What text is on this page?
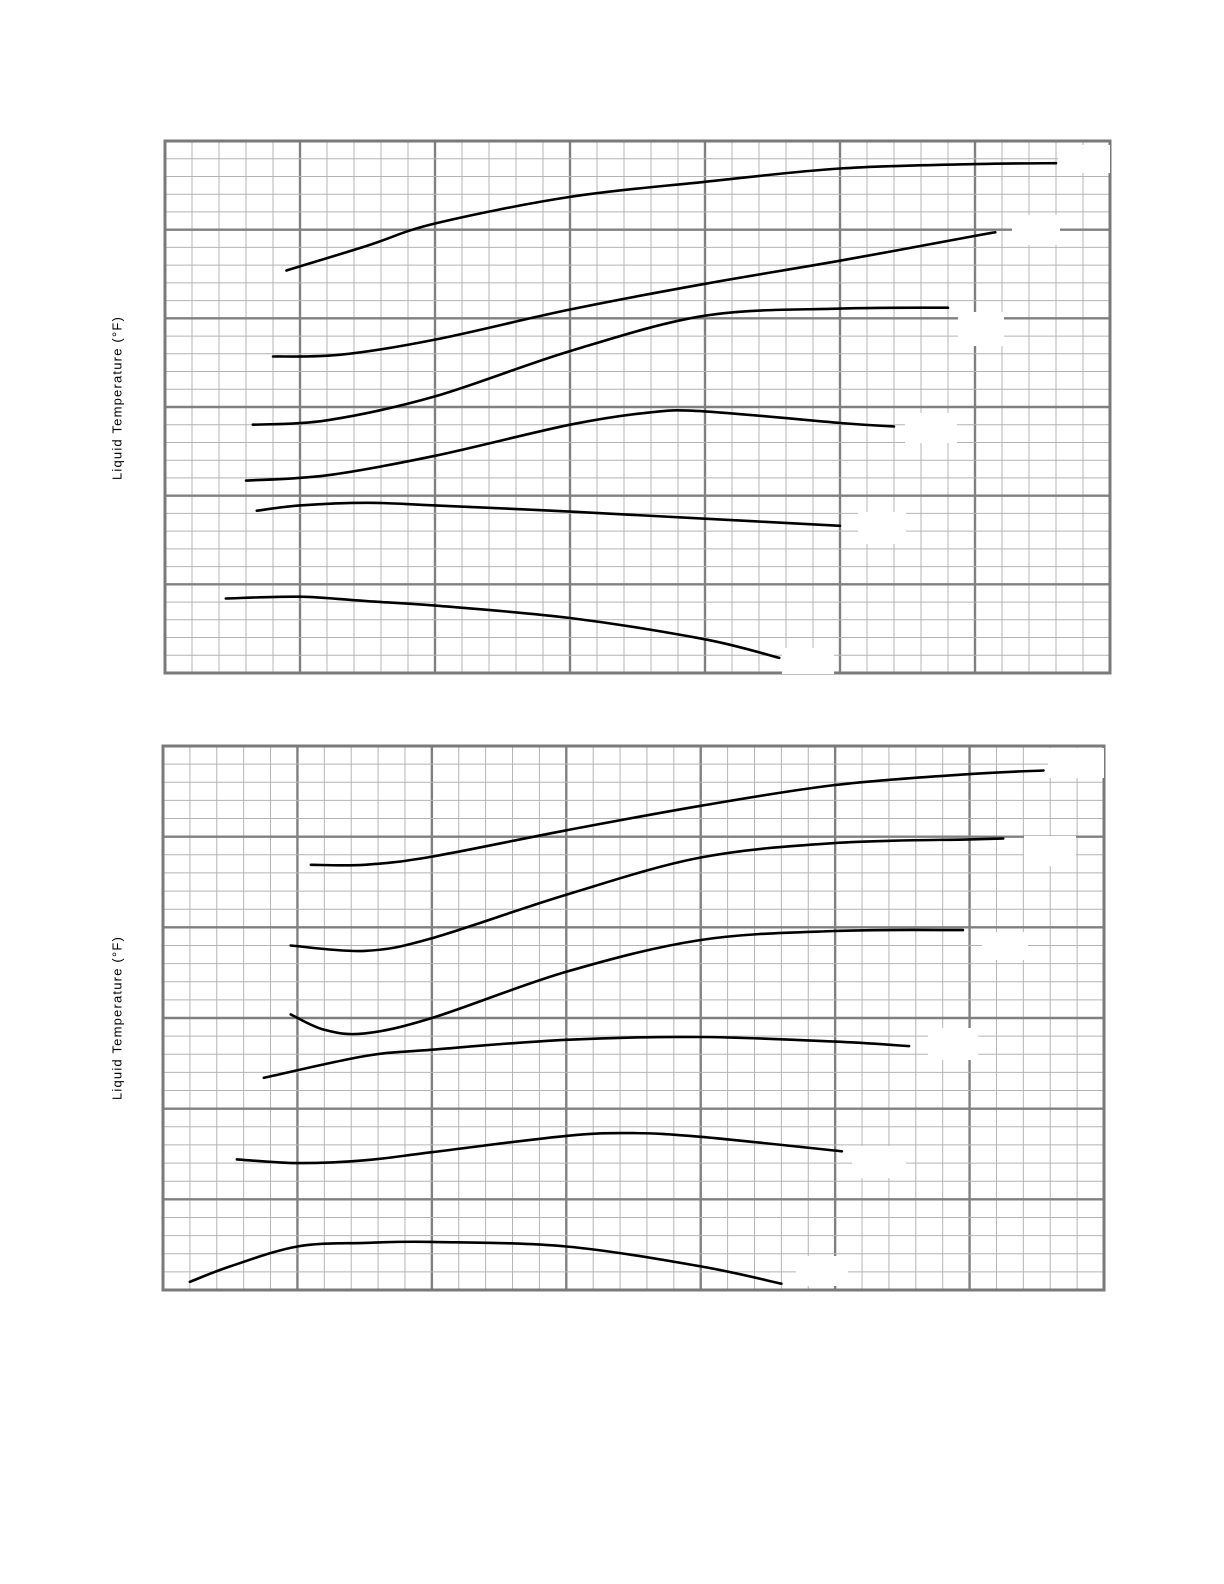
Liquid Temperature (°F)
Liquid Temperature (°F)
